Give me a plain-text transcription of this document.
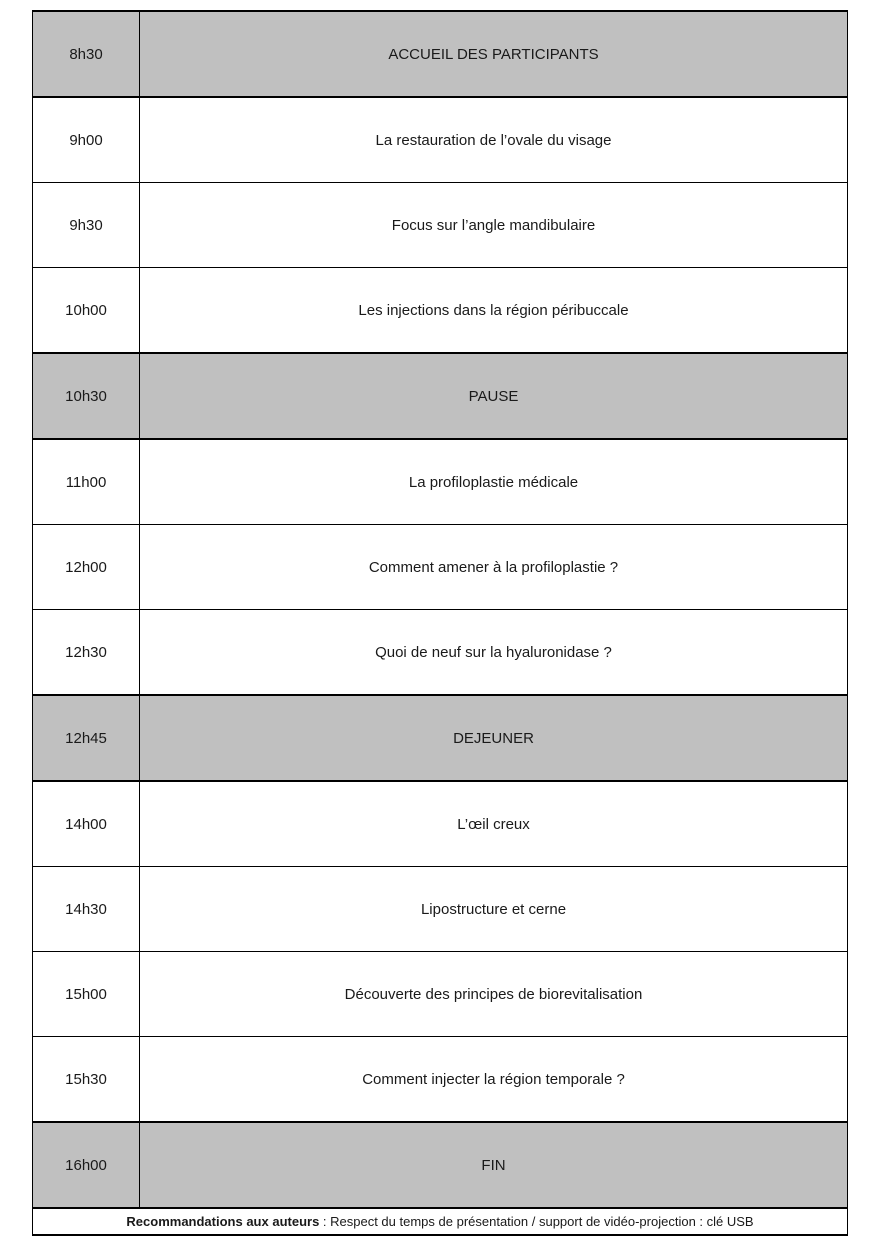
8h30	ACCUEIL DES PARTICIPANTS
9h00	La restauration de l’ovale du visage
9h30	Focus sur l’angle mandibulaire
10h00	Les injections dans la région péribuccale
10h30	PAUSE
11h00	La profiloplastie médicale
12h00	Comment amener à la profiloplastie ?
12h30	Quoi de neuf sur la hyaluronidase ?
12h45	DEJEUNER
14h00	L’œil creux
14h30	Lipostructure et cerne
15h00	Découverte des principes de biorevitalisation
15h30	Comment injecter la région temporale ?
16h00	FIN
Recommandations aux auteurs : Respect du temps de présentation / support de vidéo-projection : clé USB
